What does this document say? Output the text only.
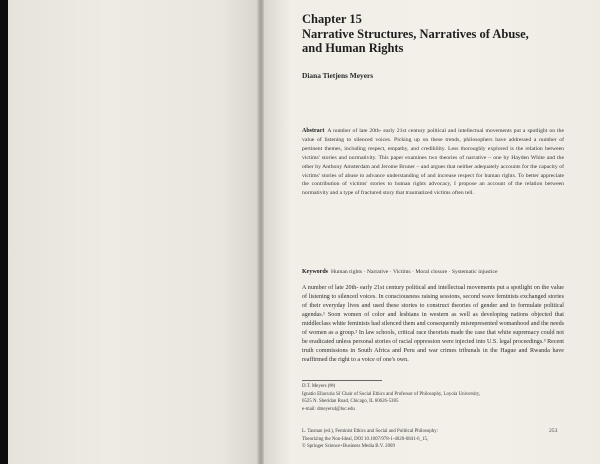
Chapter 15
Narrative Structures, Narratives of Abuse,
and Human Rights
Diana Tietjens Meyers
Abstract A number of late 20th- early 21st century political and intellectual movements put a spotlight on the value of listening to silenced voices. Picking up on these trends, philosophers have addressed a number of pertinent themes, including respect, empathy, and credibility. Less thoroughly explored is the relation between victims' stories and normativity. This paper examines two theories of narrative – one by Hayden White and the other by Anthony Amsterdam and Jerome Bruner – and argues that neither adequately accounts for the capacity of victims' stories of abuse to advance understanding of and increase respect for human rights. To better appreciate the contribution of victims' stories to human rights advocacy, I propose an account of the relation between normativity and a type of fractured story that traumatized victims often tell.
Keywords Human rights · Narrative · Victims · Moral closure · Systematic injustice
A number of late 20th- early 21st century political and intellectual movements put a spotlight on the value of listening to silenced voices. In consciousness raising sessions, second wave feminists exchanged stories of their everyday lives and used these stories to construct theories of gender and to formulate political agendas.¹ Soon women of color and lesbians in western as well as developing nations objected that middleclass white feminists had silenced them and consequently misrepresented womanhood and the needs of women as a group.² In law schools, critical race theorists made the case that white supremacy could not be eradicated unless personal stories of racial oppression were injected into U.S. legal proceedings.³ Recent truth commissions in South Africa and Peru and war crimes tribunals in the Hague and Rwanda have reaffirmed the right to a voice of one's own.
D.T. Meyers (✉)
Ignatio Ellacuria SJ Chair of Social Ethics and Professor of Philosophy, Loyola University,
6525 N. Sheridan Road, Chicago, IL 60626-5385
e-mail: dmeyers4@luc.edu
L. Tasman (ed.), Feminist Ethics and Social and Political Philosophy:
Theorizing the Non-Ideal, DOI 10.1007/978-1-4020-6841-6_15,
© Springer Science+Business Media B.V. 2009
253
